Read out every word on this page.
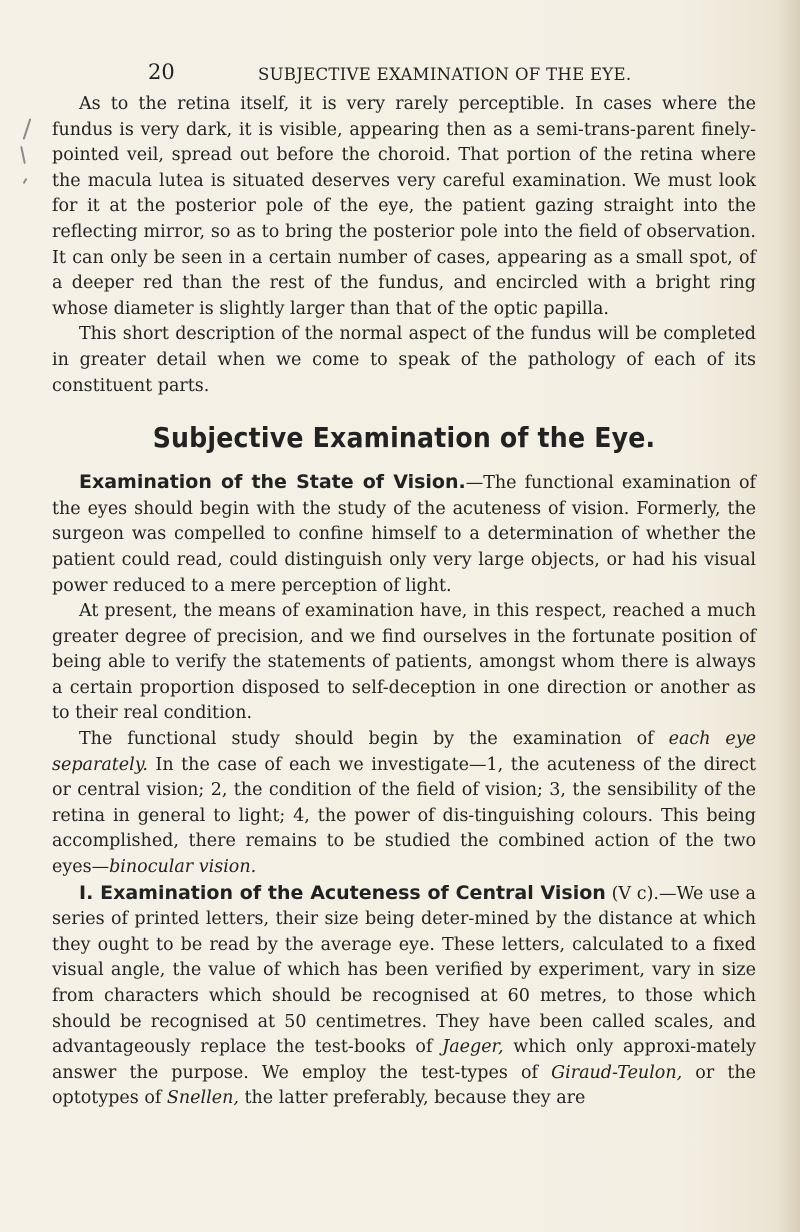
20	SUBJECTIVE EXAMINATION OF THE EYE.

As to the retina itself, it is very rarely perceptible. In cases where the fundus is very dark, it is visible, appearing then as a semi-trans-parent finely-pointed veil, spread out before the choroid. That portion of the retina where the macula lutea is situated deserves very careful examination. We must look for it at the posterior pole of the eye, the patient gazing straight into the reflecting mirror, so as to bring the posterior pole into the field of observation. It can only be seen in a certain number of cases, appearing as a small spot, of a deeper red than the rest of the fundus, and encircled with a bright ring whose diameter is slightly larger than that of the optic papilla.

This short description of the normal aspect of the fundus will be completed in greater detail when we come to speak of the pathology of each of its constituent parts.

Subjective Examination of the Eye.

Examination of the State of Vision.—The functional examination of the eyes should begin with the study of the acuteness of vision. Formerly, the surgeon was compelled to confine himself to a determination of whether the patient could read, could distinguish only very large objects, or had his visual power reduced to a mere perception of light.

At present, the means of examination have, in this respect, reached a much greater degree of precision, and we find ourselves in the fortunate position of being able to verify the statements of patients, amongst whom there is always a certain proportion disposed to self-deception in one direction or another as to their real condition.

The functional study should begin by the examination of each eye separately. In the case of each we investigate—1, the acuteness of the direct or central vision; 2, the condition of the field of vision; 3, the sensibility of the retina in general to light; 4, the power of dis-tinguishing colours. This being accomplished, there remains to be studied the combined action of the two eyes—binocular vision.

I. Examination of the Acuteness of Central Vision (V c).—We use a series of printed letters, their size being deter-mined by the distance at which they ought to be read by the average eye. These letters, calculated to a fixed visual angle, the value of which has been verified by experiment, vary in size from characters which should be recognised at 60 metres, to those which should be recognised at 50 centimetres. They have been called scales, and advantageously replace the test-books of Jaeger, which only approxi-mately answer the purpose. We employ the test-types of Giraud-Teulon, or the optotypes of Snellen, the latter preferably, because they are
